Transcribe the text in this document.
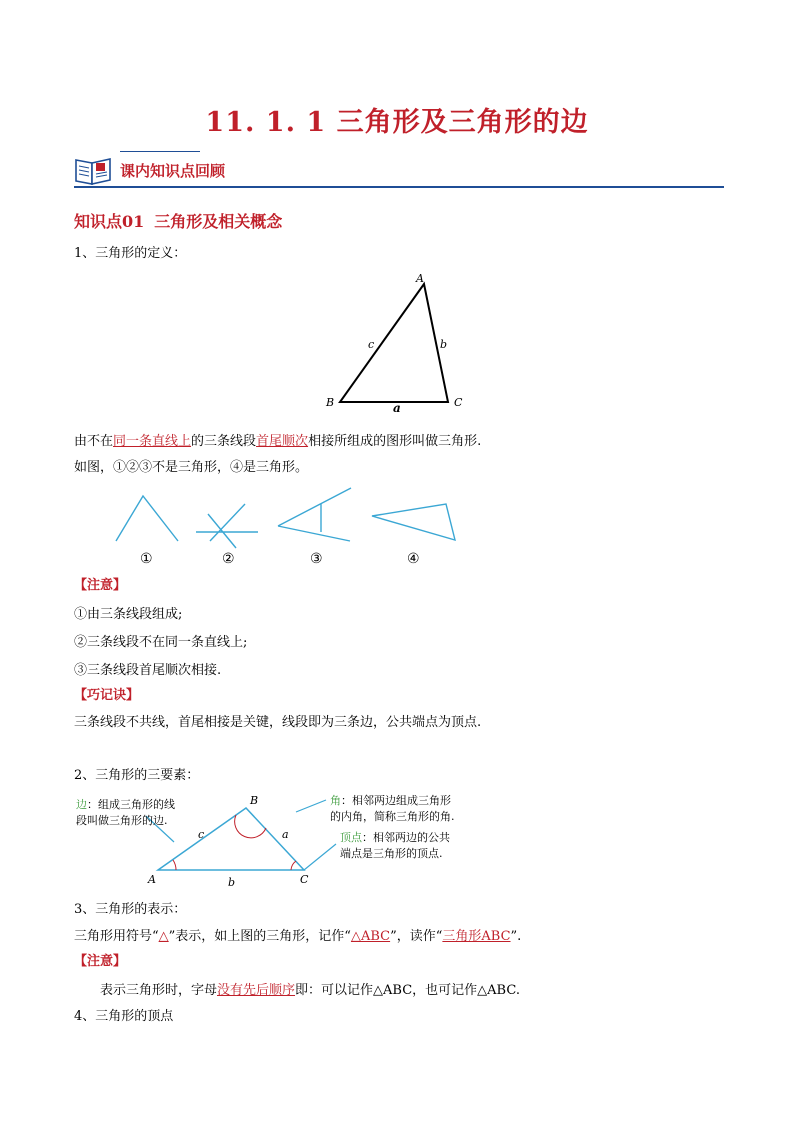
11. 1. 1 三角形及三角形的边
课内知识点回顾
知识点01 三角形及相关概念
1、三角形的定义：
A
B	C
a
b
c
由不在同一条直线上的三条线段首尾顺次相接所组成的图形叫做三角形.
如图，①②③不是三角形，④是三角形。
①	②	③	④
【注意】
①由三条线段组成;
②三条线段不在同一条直线上;
③三条线段首尾顺次相接.
【巧记诀】
三条线段不共线，首尾相接是关键，线段即为三条边，公共端点为顶点.
2、三角形的三要素：
边：组成三角形的线
段叫做三角形的边.
角：相邻两边组成三角形
的内角，简称三角形的角.
顶点：相邻两边的公共
端点是三角形的顶点.
B
A	C
a
b
c
3、三角形的表示：
三角形用符号“△”表示，如上图的三角形，记作“△ABC”，读作“三角形ABC”.
【注意】
表示三角形时，字母没有先后顺序即：可以记作△ABC，也可记作△ABC.
4、三角形的顶点
